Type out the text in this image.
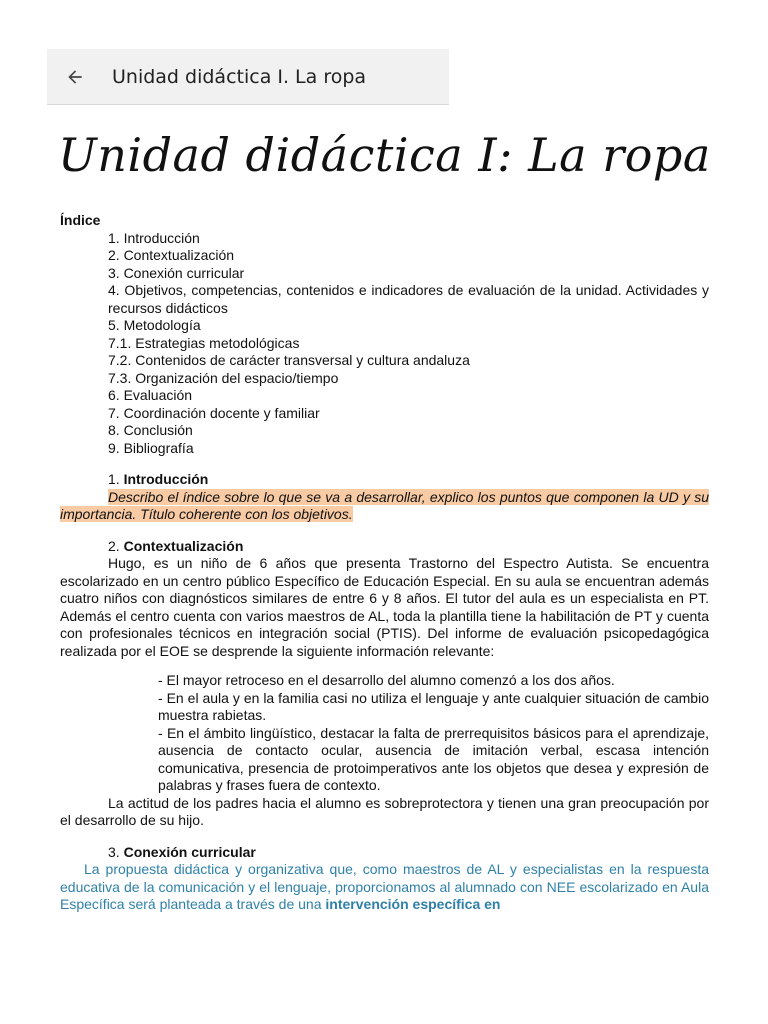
Unidad didáctica I. La ropa
Unidad didáctica I: La ropa

Índice

1. Introducción

2. Contextualización

3. Conexión curricular

4. Objetivos, competencias, contenidos e indicadores de evaluación de la unidad. Actividades y recursos didácticos

5. Metodología

7.1. Estrategias metodológicas

7.2. Contenidos de carácter transversal y cultura andaluza

7.3. Organización del espacio/tiempo

6. Evaluación

7. Coordinación docente y familiar

8. Conclusión

9. Bibliografía

1. Introducción

Describo el índice sobre lo que se va a desarrollar, explico los puntos que componen la UD y su importancia. Título coherente con los objetivos.

2. Contextualización

Hugo, es un niño de 6 años que presenta Trastorno del Espectro Autista. Se encuentra escolarizado en un centro público Específico de Educación Especial. En su aula se encuentran además cuatro niños con diagnósticos similares de entre 6 y 8 años. El tutor del aula es un especialista en PT. Además el centro cuenta con varios maestros de AL, toda la plantilla tiene la habilitación de PT y cuenta con profesionales técnicos en integración social (PTIS). Del informe de evaluación psicopedagógica realizada por el EOE se desprende la siguiente información relevante:

- El mayor retroceso en el desarrollo del alumno comenzó a los dos años.

- En el aula y en la familia casi no utiliza el lenguaje y ante cualquier situación de cambio muestra rabietas.

- En el ámbito lingüístico, destacar la falta de prerrequisitos básicos para el aprendizaje, ausencia de contacto ocular, ausencia de imitación verbal, escasa intención comunicativa, presencia de protoimperativos ante los objetos que desea y expresión de palabras y frases fuera de contexto.

La actitud de los padres hacia el alumno es sobreprotectora y tienen una gran preocupación por el desarrollo de su hijo.

3. Conexión curricular

La propuesta didáctica y organizativa que, como maestros de AL y especialistas en la respuesta educativa de la comunicación y el lenguaje, proporcionamos al alumnado con NEE escolarizado en Aula Específica será planteada a través de una intervención específica en
